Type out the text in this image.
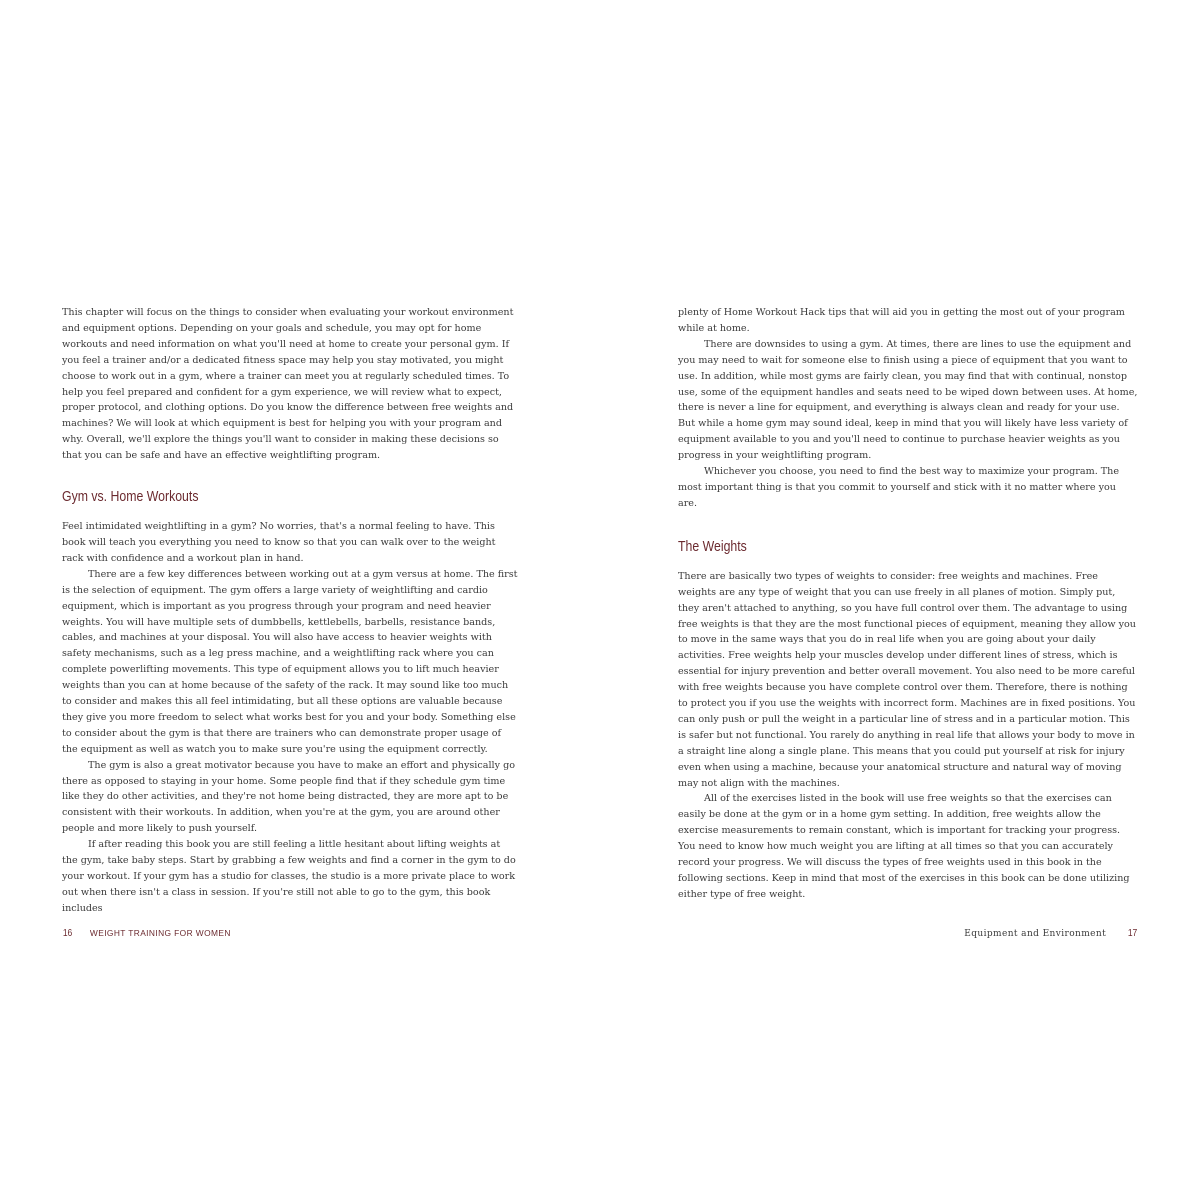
This chapter will focus on the things to consider when evaluating your workout environment and equipment options. Depending on your goals and schedule, you may opt for home workouts and need information on what you'll need at home to create your personal gym. If you feel a trainer and/or a dedicated fitness space may help you stay motivated, you might choose to work out in a gym, where a trainer can meet you at regularly scheduled times. To help you feel prepared and confident for a gym experience, we will review what to expect, proper protocol, and clothing options. Do you know the difference between free weights and machines? We will look at which equipment is best for helping you with your program and why. Overall, we'll explore the things you'll want to consider in making these decisions so that you can be safe and have an effective weightlifting program.

Gym vs. Home Workouts

Feel intimidated weightlifting in a gym? No worries, that's a normal feeling to have. This book will teach you everything you need to know so that you can walk over to the weight rack with confidence and a workout plan in hand.

There are a few key differences between working out at a gym versus at home. The first is the selection of equipment. The gym offers a large variety of weightlifting and cardio equipment, which is important as you progress through your program and need heavier weights. You will have multiple sets of dumbbells, kettlebells, barbells, resistance bands, cables, and machines at your disposal. You will also have access to heavier weights with safety mechanisms, such as a leg press machine, and a weightlifting rack where you can complete powerlifting movements. This type of equipment allows you to lift much heavier weights than you can at home because of the safety of the rack. It may sound like too much to consider and makes this all feel intimidating, but all these options are valuable because they give you more freedom to select what works best for you and your body. Something else to consider about the gym is that there are trainers who can demonstrate proper usage of the equipment as well as watch you to make sure you're using the equipment correctly.

The gym is also a great motivator because you have to make an effort and physically go there as opposed to staying in your home. Some people find that if they schedule gym time like they do other activities, and they're not home being distracted, they are more apt to be consistent with their workouts. In addition, when you're at the gym, you are around other people and more likely to push yourself.

If after reading this book you are still feeling a little hesitant about lifting weights at the gym, take baby steps. Start by grabbing a few weights and find a corner in the gym to do your workout. If your gym has a studio for classes, the studio is a more private place to work out when there isn't a class in session. If you're still not able to go to the gym, this book includes

plenty of Home Workout Hack tips that will aid you in getting the most out of your program while at home.

There are downsides to using a gym. At times, there are lines to use the equipment and you may need to wait for someone else to finish using a piece of equipment that you want to use. In addition, while most gyms are fairly clean, you may find that with continual, nonstop use, some of the equipment handles and seats need to be wiped down between uses. At home, there is never a line for equipment, and everything is always clean and ready for your use. But while a home gym may sound ideal, keep in mind that you will likely have less variety of equipment available to you and you'll need to continue to purchase heavier weights as you progress in your weightlifting program.

Whichever you choose, you need to find the best way to maximize your program. The most important thing is that you commit to yourself and stick with it no matter where you are.

The Weights

There are basically two types of weights to consider: free weights and machines. Free weights are any type of weight that you can use freely in all planes of motion. Simply put, they aren't attached to anything, so you have full control over them. The advantage to using free weights is that they are the most functional pieces of equipment, meaning they allow you to move in the same ways that you do in real life when you are going about your daily activities. Free weights help your muscles develop under different lines of stress, which is essential for injury prevention and better overall movement. You also need to be more careful with free weights because you have complete control over them. Therefore, there is nothing to protect you if you use the weights with incorrect form. Machines are in fixed positions. You can only push or pull the weight in a particular line of stress and in a particular motion. This is safer but not functional. You rarely do anything in real life that allows your body to move in a straight line along a single plane. This means that you could put yourself at risk for injury even when using a machine, because your anatomical structure and natural way of moving may not align with the machines.

All of the exercises listed in the book will use free weights so that the exercises can easily be done at the gym or in a home gym setting. In addition, free weights allow the exercise measurements to remain constant, which is important for tracking your progress. You need to know how much weight you are lifting at all times so that you can accurately record your progress. We will discuss the types of free weights used in this book in the following sections. Keep in mind that most of the exercises in this book can be done utilizing either type of free weight.

16 WEIGHT TRAINING FOR WOMEN	Equipment and Environment 17
